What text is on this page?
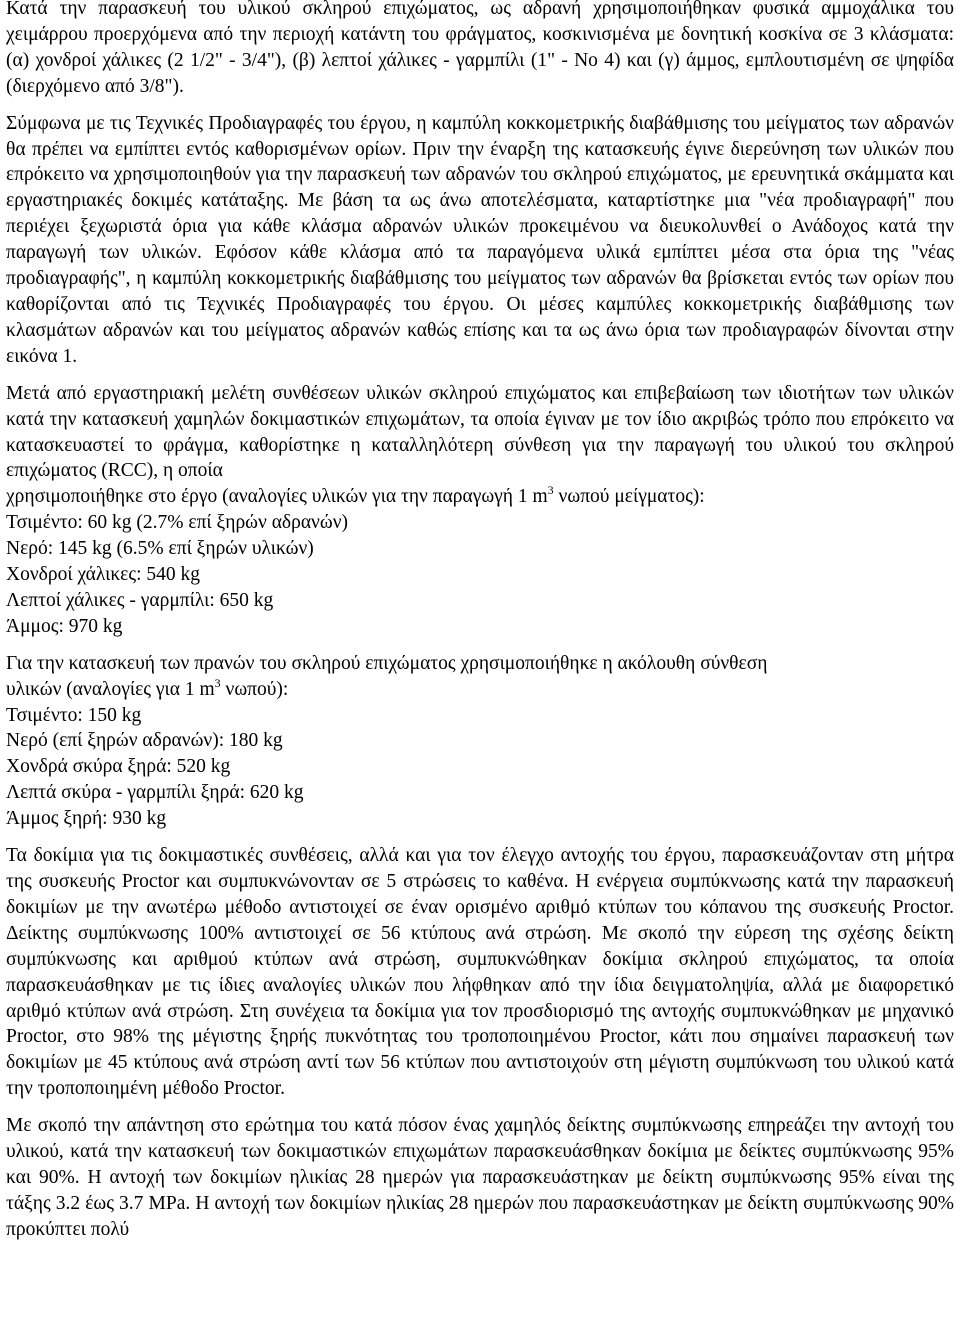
Κατά την παρασκευή του υλικού σκληρού επιχώματος, ως αδρανή χρησιμοποιήθηκαν φυσικά αμμοχάλικα του χειμάρρου προερχόμενα από την περιοχή κατάντη του φράγματος, κοσκινισμένα με δονητική κοσκίνα σε 3 κλάσματα: (α) χονδροί χάλικες (2 1/2" - 3/4"), (β) λεπτοί χάλικες - γαρμπίλι (1" - No 4) και (γ) άμμος, εμπλουτισμένη σε ψηφίδα (διερχόμενο από 3/8").

Σύμφωνα με τις Τεχνικές Προδιαγραφές του έργου, η καμπύλη κοκκομετρικής διαβάθμισης του μείγματος των αδρανών θα πρέπει να εμπίπτει εντός καθορισμένων ορίων. Πριν την έναρξη της κατασκευής έγινε διερεύνηση των υλικών που επρόκειτο να χρησιμοποιηθούν για την παρασκευή των αδρανών του σκληρού επιχώματος, με ερευνητικά σκάμματα και εργαστηριακές δοκιμές κατάταξης. Με βάση τα ως άνω αποτελέσματα, καταρτίστηκε μια "νέα προδιαγραφή" που περιέχει ξεχωριστά όρια για κάθε κλάσμα αδρανών υλικών προκειμένου να διευκολυνθεί ο Ανάδοχος κατά την παραγωγή των υλικών. Εφόσον κάθε κλάσμα από τα παραγόμενα υλικά εμπίπτει μέσα στα όρια της "νέας προδιαγραφής", η καμπύλη κοκκομετρικής διαβάθμισης του μείγματος των αδρανών θα βρίσκεται εντός των ορίων που καθορίζονται από τις Τεχνικές Προδιαγραφές του έργου. Οι μέσες καμπύλες κοκκομετρικής διαβάθμισης των κλασμάτων αδρανών και του μείγματος αδρανών καθώς επίσης και τα ως άνω όρια των προδιαγραφών δίνονται στην εικόνα 1.

Μετά από εργαστηριακή μελέτη συνθέσεων υλικών σκληρού επιχώματος και επιβεβαίωση των ιδιοτήτων των υλικών κατά την κατασκευή χαμηλών δοκιμαστικών επιχωμάτων, τα οποία έγιναν με τον ίδιο ακριβώς τρόπο που επρόκειτο να κατασκευαστεί το φράγμα, καθορίστηκε η καταλληλότερη σύνθεση για την παραγωγή του υλικού του σκληρού επιχώματος (RCC), η οποία
χρησιμοποιήθηκε στο έργο (αναλογίες υλικών για την παραγωγή 1 $m^3$ νωπού μείγματος):

Τσιμέντο: 60 kg (2.7% επί ξηρών αδρανών)
Νερό: 145 kg (6.5% επί ξηρών υλικών)
Χονδροί χάλικες: 540 kg
Λεπτοί χάλικες - γαρμπίλι: 650 kg
Άμμος: 970 kg
Για την κατασκευή των πρανών του σκληρού επιχώματος χρησιμοποιήθηκε η ακόλουθη σύνθεση
υλικών (αναλογίες για 1 $m^3$ νωπού):
Τσιμέντο: 150 kg
Νερό (επί ξηρών αδρανών): 180 kg
Χονδρά σκύρα ξηρά: 520 kg
Λεπτά σκύρα - γαρμπίλι ξηρά: 620 kg
Άμμος ξηρή: 930 kg

Τα δοκίμια για τις δοκιμαστικές συνθέσεις, αλλά και για τον έλεγχο αντοχής του έργου, παρασκευάζονταν στη μήτρα της συσκευής Proctor και συμπυκνώνονταν σε 5 στρώσεις το καθένα. Η ενέργεια συμπύκνωσης κατά την παρασκευή δοκιμίων με την ανωτέρω μέθοδο αντιστοιχεί σε έναν ορισμένο αριθμό κτύπων του κόπανου της συσκευής Proctor. Δείκτης συμπύκνωσης 100% αντιστοιχεί σε 56 κτύπους ανά στρώση. Με σκοπό την εύρεση της σχέσης δείκτη συμπύκνωσης και αριθμού κτύπων ανά στρώση, συμπυκνώθηκαν δοκίμια σκληρού επιχώματος, τα οποία παρασκευάσθηκαν με τις ίδιες αναλογίες υλικών που λήφθηκαν από την ίδια δειγματοληψία, αλλά με διαφορετικό αριθμό κτύπων ανά στρώση. Στη συνέχεια τα δοκίμια για τον προσδιορισμό της αντοχής συμπυκνώθηκαν με μηχανικό Proctor, στο 98% της μέγιστης ξηρής πυκνότητας του τροποποιημένου Proctor, κάτι που σημαίνει παρασκευή των δοκιμίων με 45 κτύπους ανά στρώση αντί των 56 κτύπων που αντιστοιχούν στη μέγιστη συμπύκνωση του υλικού κατά την τροποποιημένη μέθοδο Proctor.

Με σκοπό την απάντηση στο ερώτημα του κατά πόσον ένας χαμηλός δείκτης συμπύκνωσης επηρεάζει την αντοχή του υλικού, κατά την κατασκευή των δοκιμαστικών επιχωμάτων παρασκευάσθηκαν δοκίμια με δείκτες συμπύκνωσης 95% και 90%. Η αντοχή των δοκιμίων ηλικίας 28 ημερών για παρασκευάστηκαν με δείκτη συμπύκνωσης 95% είναι της τάξης 3.2 έως 3.7 MPa. Η αντοχή των δοκιμίων ηλικίας 28 ημερών που παρασκευάστηκαν με δείκτη συμπύκνωσης 90% προκύπτει πολύ
